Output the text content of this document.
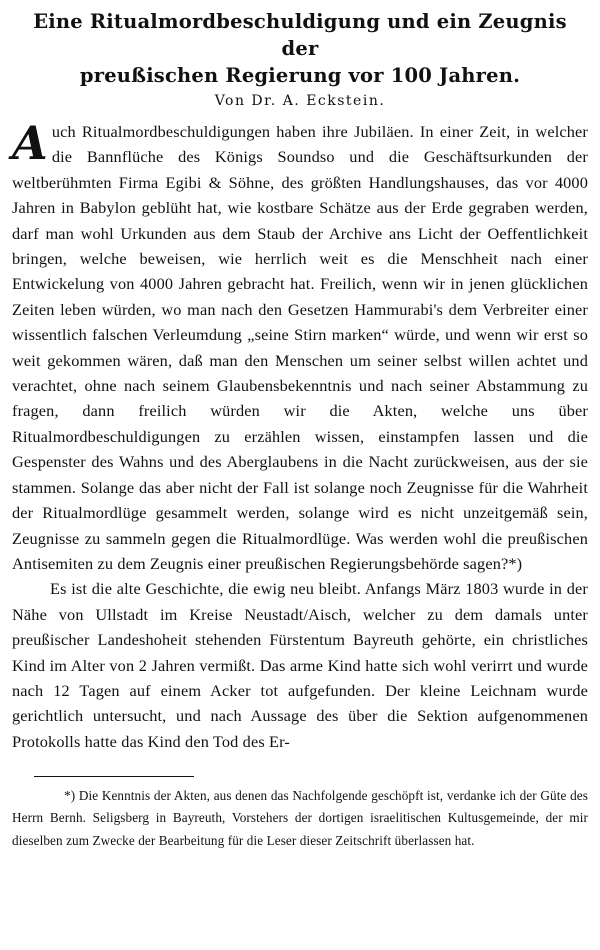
Eine Ritualmordbeschuldigung und ein Zeugnis der
preußischen Regierung vor 100 Jahren.
Von Dr. A. Eckstein.

Auch Ritualmordbeschuldigungen haben ihre Jubiläen. In einer Zeit, in welcher die Bannflüche des Königs Soundso und die Geschäftsurkunden der weltberühmten Firma Egibi & Söhne, des größten Handlungshauses, das vor 4000 Jahren in Babylon geblüht hat, wie kostbare Schätze aus der Erde gegraben werden, darf man wohl Urkunden aus dem Staub der Archive ans Licht der Oeffentlichkeit bringen, welche beweisen, wie herrlich weit es die Menschheit nach einer Entwickelung von 4000 Jahren gebracht hat. Freilich, wenn wir in jenen glücklichen Zeiten leben würden, wo man nach den Gesetzen Hammurabi's dem Verbreiter einer wissentlich falschen Verleumdung „seine Stirn marken“ würde, und wenn wir erst so weit gekommen wären, daß man den Menschen um seiner selbst willen achtet und verachtet, ohne nach seinem Glaubensbekenntnis und nach seiner Abstammung zu fragen, dann freilich würden wir die Akten, welche uns über Ritualmordbeschuldigungen zu erzählen wissen, einstampfen lassen und die Gespenster des Wahns und des Aberglaubens in die Nacht zurückweisen, aus der sie stammen. Solange das aber nicht der Fall ist solange noch Zeugnisse für die Wahrheit der Ritualmordlüge gesammelt werden, solange wird es nicht unzeitgemäß sein, Zeugnisse zu sammeln gegen die Ritualmordlüge. Was werden wohl die preußischen Antisemiten zu dem Zeugnis einer preußischen Regierungsbehörde sagen?*)

Es ist die alte Geschichte, die ewig neu bleibt. Anfangs März 1803 wurde in der Nähe von Ullstadt im Kreise Neustadt/Aisch, welcher zu dem damals unter preußischer Landeshoheit stehenden Fürstentum Bayreuth gehörte, ein christliches Kind im Alter von 2 Jahren vermißt. Das arme Kind hatte sich wohl verirrt und wurde nach 12 Tagen auf einem Acker tot aufgefunden. Der kleine Leichnam wurde gerichtlich untersucht, und nach Aussage des über die Sektion aufgenommenen Protokolls hatte das Kind den Tod des Er-

*) Die Kenntnis der Akten, aus denen das Nachfolgende geschöpft ist, verdanke ich der Güte des Herrn Bernh. Seligsberg in Bayreuth, Vorstehers der dortigen israelitischen Kultusgemeinde, der mir dieselben zum Zwecke der Bearbeitung für die Leser dieser Zeitschrift überlassen hat.
